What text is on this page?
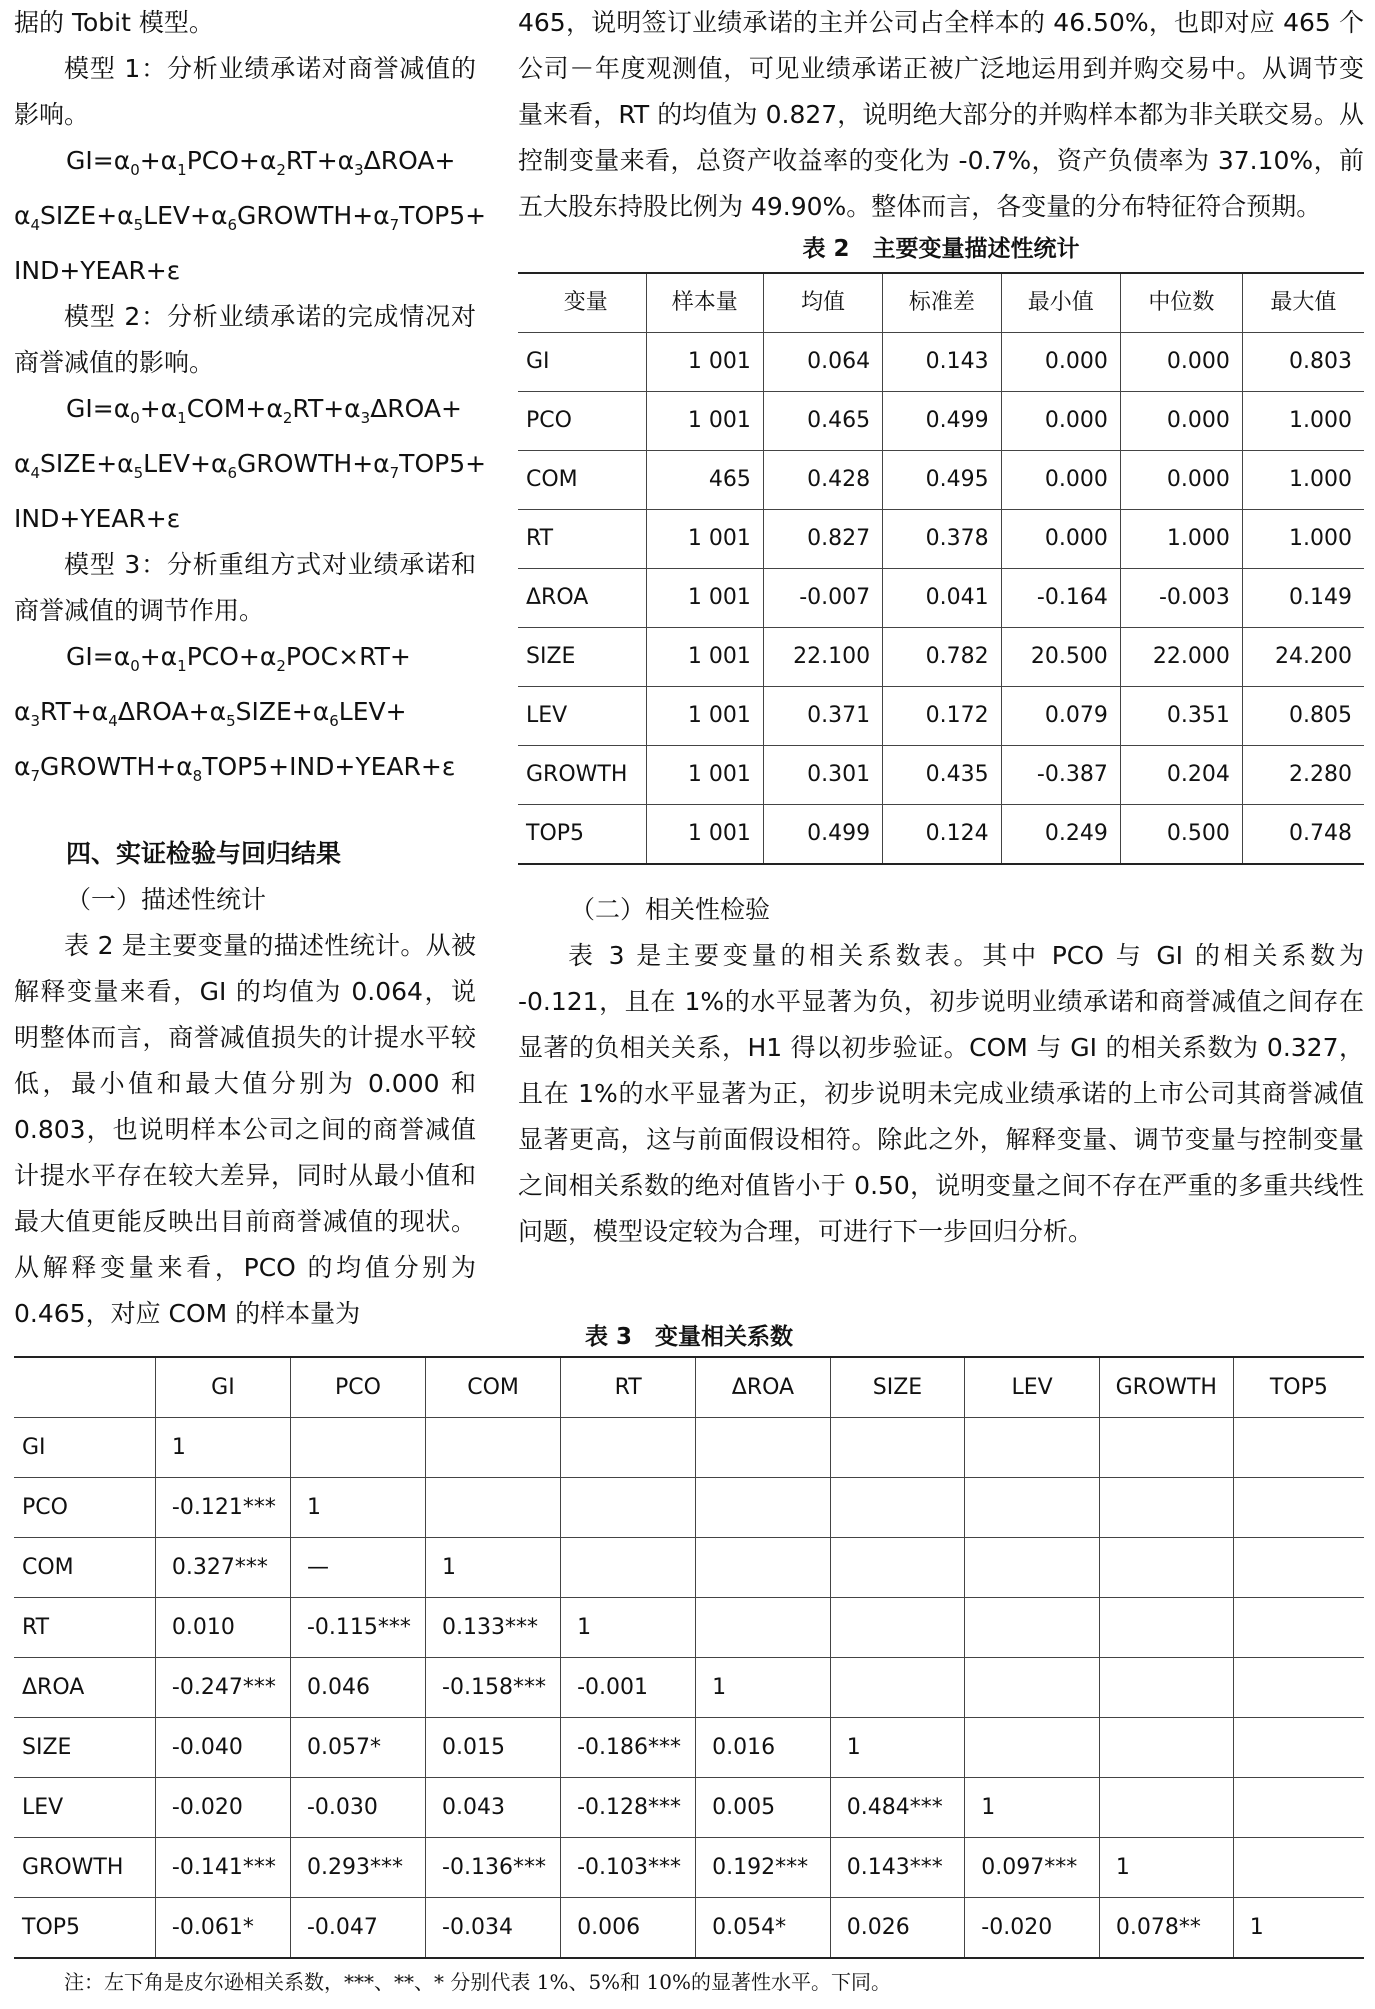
据的 Tobit 模型。

模型 1：分析业绩承诺对商誉减值的影响。

$GI=\alpha_0+\alpha_1PCO+\alpha_2RT+\alpha_3\Delta ROA+$ $\alpha_4SIZE+\alpha_5LEV+\alpha_6GROWTH+\alpha_7TOP5+$ IND+YEAR+ε

模型 2：分析业绩承诺的完成情况对商誉减值的影响。

$GI=\alpha_0+\alpha_1COM+\alpha_2RT+\alpha_3\Delta ROA+$ $\alpha_4SIZE+\alpha_5LEV+\alpha_6GROWTH+\alpha_7TOP5+$ IND+YEAR+ε

模型 3：分析重组方式对业绩承诺和商誉减值的调节作用。

$GI=\alpha_0+\alpha_1PCO+\alpha_2POC\times RT+$ $\alpha_3RT+\alpha_4\Delta ROA+\alpha_5SIZE+\alpha_6LEV+$ $\alpha_7GROWTH+\alpha_8TOP5+IND+YEAR+\varepsilon$

四、实证检验与回归结果

（一）描述性统计

表 2 是主要变量的描述性统计。从被解释变量来看，GI 的均值为 0.064，说明整体而言，商誉减值损失的计提水平较低，最小值和最大值分别为 0.000 和 0.803，也说明样本公司之间的商誉减值计提水平存在较大差异，同时从最小值和最大值更能反映出目前商誉减值的现状。从解释变量来看，PCO 的均值分别为 0.465，对应 COM 的样本量为

465，说明签订业绩承诺的主并公司占全样本的 46.50%，也即对应 465 个公司－年度观测值，可见业绩承诺正被广泛地运用到并购交易中。从调节变量来看，RT 的均值为 0.827，说明绝大部分的并购样本都为非关联交易。从控制变量来看，总资产收益率的变化为 -0.7%，资产负债率为 37.10%，前五大股东持股比例为 49.90%。整体而言，各变量的分布特征符合预期。

表 2　主要变量描述性统计
变量	样本量	均值	标准差	最小值	中位数	最大值
GI	1 001	0.064	0.143	0.000	0.000	0.803
PCO	1 001	0.465	0.499	0.000	0.000	1.000
COM	465	0.428	0.495	0.000	0.000	1.000
RT	1 001	0.827	0.378	0.000	1.000	1.000
ΔROA	1 001	-0.007	0.041	-0.164	-0.003	0.149
SIZE	1 001	22.100	0.782	20.500	22.000	24.200
LEV	1 001	0.371	0.172	0.079	0.351	0.805
GROWTH	1 001	0.301	0.435	-0.387	0.204	2.280
TOP5	1 001	0.499	0.124	0.249	0.500	0.748

（二）相关性检验

表 3 是主要变量的相关系数表。其中 PCO 与 GI 的相关系数为 -0.121，且在 1%的水平显著为负，初步说明业绩承诺和商誉减值之间存在显著的负相关关系，H1 得以初步验证。COM 与 GI 的相关系数为 0.327，且在 1%的水平显著为正，初步说明未完成业绩承诺的上市公司其商誉减值显著更高，这与前面假设相符。除此之外，解释变量、调节变量与控制变量之间相关系数的绝对值皆小于 0.50，说明变量之间不存在严重的多重共线性问题，模型设定较为合理，可进行下一步回归分析。

表 3　变量相关系数
	GI	PCO	COM	RT	ΔROA	SIZE	LEV	GROWTH	TOP5
GI	1								
PCO	-0.121***	1							
COM	0.327***	—	1						
RT	0.010	-0.115***	0.133***	1					
ΔROA	-0.247***	0.046	-0.158***	-0.001	1				
SIZE	-0.040	0.057*	0.015	-0.186***	0.016	1			
LEV	-0.020	-0.030	0.043	-0.128***	0.005	0.484***	1		
GROWTH	-0.141***	0.293***	-0.136***	-0.103***	0.192***	0.143***	0.097***	1	
TOP5	-0.061*	-0.047	-0.034	0.006	0.054*	0.026	-0.020	0.078**	1
注：左下角是皮尔逊相关系数，***、**、* 分别代表 1%、5%和 10%的显著性水平。下同。
